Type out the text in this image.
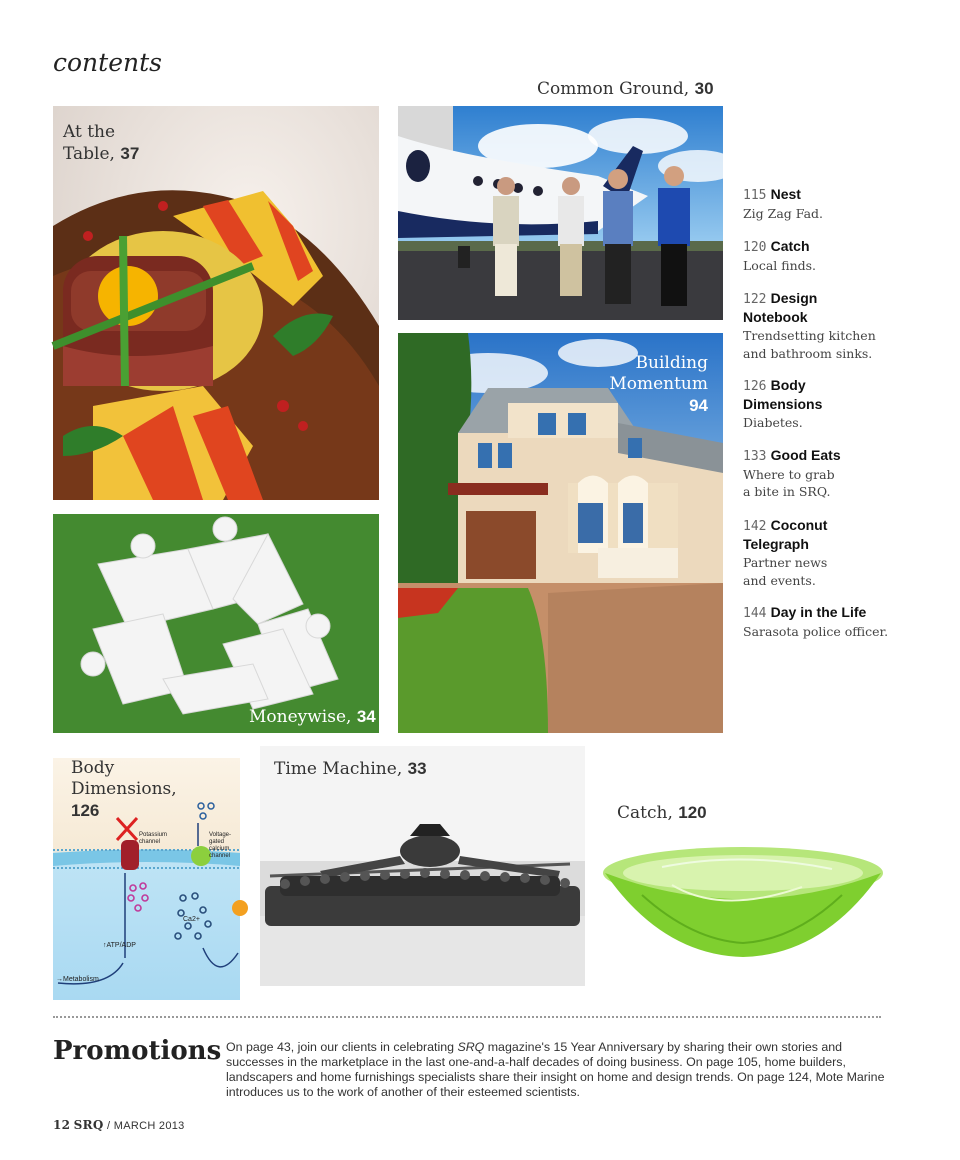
contents
Common Ground, 30
At the
Table, 37
Building
Momentum
94
Moneywise, 34
115 Nest
Zig Zag Fad.
120 Catch
Local finds.
122 Design Notebook
Trendsetting kitchen and bathroom sinks.
126 Body Dimensions
Diabetes.
133 Good Eats
Where to grab a bite in SRQ.
142 Coconut Telegraph
Partner news and events.
144 Day in the Life
Sarasota police officer.
Body
Dimensions,
126
Potassium channel
Voltage-gated calcium channel
Ca2+
↑ATP/ADP
→Metabolism
Time Machine, 33
Catch, 120
Promotions On page 43, join our clients in celebrating SRQ magazine's 15 Year Anniversary by sharing their own stories and successes in the marketplace in the last one-and-a-half decades of doing business. On page 105, home builders, landscapers and home furnishings specialists share their insight on home and design trends. On page 124, Mote Marine introduces us to the work of another of their esteemed scientists.
12 SRQ / MARCH 2013
